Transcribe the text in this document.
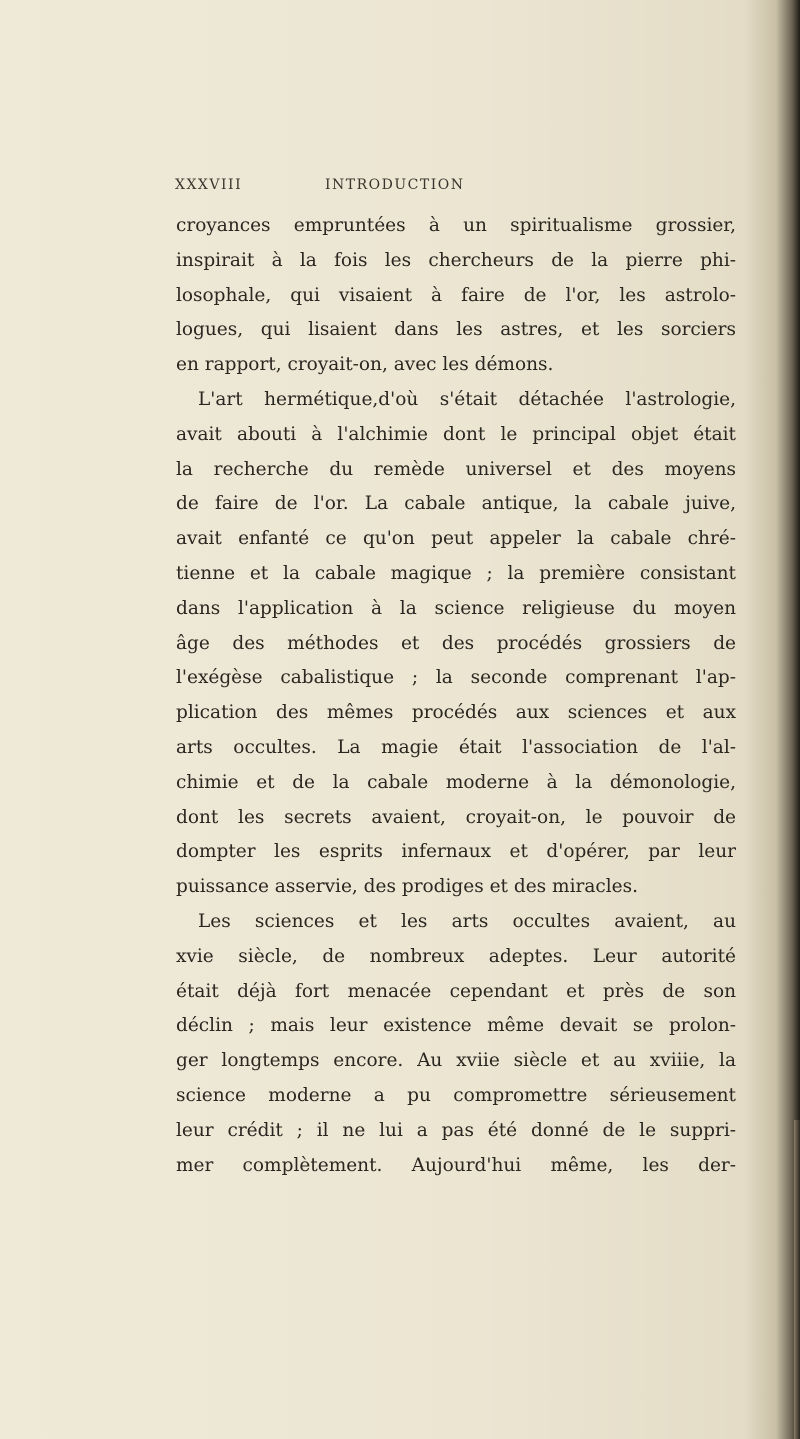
XXXVIII	INTRODUCTION
croyances empruntées à un spiritualisme grossier,
inspirait à la fois les chercheurs de la pierre phi-
losophale, qui visaient à faire de l'or, les astrolo-
logues, qui lisaient dans les astres, et les sorciers
en rapport, croyait-on, avec les démons.
L'art hermétique,d'où s'était détachée l'astrologie,
avait abouti à l'alchimie dont le principal objet était
la recherche du remède universel et des moyens
de faire de l'or. La cabale antique, la cabale juive,
avait enfanté ce qu'on peut appeler la cabale chré-
tienne et la cabale magique ; la première consistant
dans l'application à la science religieuse du moyen
âge des méthodes et des procédés grossiers de
l'exégèse cabalistique ; la seconde comprenant l'ap-
plication des mêmes procédés aux sciences et aux
arts occultes. La magie était l'association de l'al-
chimie et de la cabale moderne à la démonologie,
dont les secrets avaient, croyait-on, le pouvoir de
dompter les esprits infernaux et d'opérer, par leur
puissance asservie, des prodiges et des miracles.
Les sciences et les arts occultes avaient, au
xvie siècle, de nombreux adeptes. Leur autorité
était déjà fort menacée cependant et près de son
déclin ; mais leur existence même devait se prolon-
ger longtemps encore. Au xviie siècle et au xviiie, la
science moderne a pu compromettre sérieusement
leur crédit ; il ne lui a pas été donné de le suppri-
mer complètement. Aujourd'hui même, les der-
